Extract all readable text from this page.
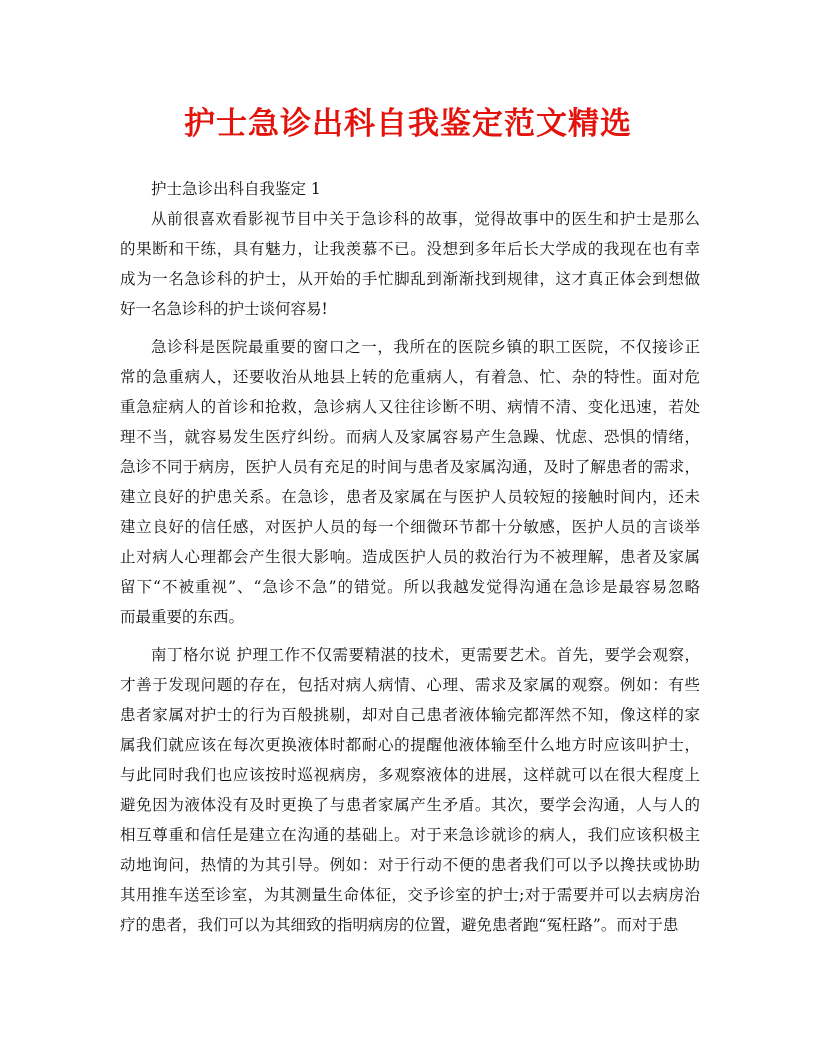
护士急诊出科自我鉴定范文精选
护士急诊出科自我鉴定 1
从前很喜欢看影视节目中关于急诊科的故事，觉得故事中的医生和护士是那么
的果断和干练，具有魅力，让我羡慕不已。没想到多年后长大学成的我现在也有幸
成为一名急诊科的护士，从开始的手忙脚乱到渐渐找到规律，这才真正体会到想做
好一名急诊科的护士谈何容易!
急诊科是医院最重要的窗口之一，我所在的医院乡镇的职工医院，不仅接诊正
常的急重病人，还要收治从地县上转的危重病人，有着急、忙、杂的特性。面对危
重急症病人的首诊和抢救，急诊病人又往往诊断不明、病情不清、变化迅速，若处
理不当，就容易发生医疗纠纷。而病人及家属容易产生急躁、忧虑、恐惧的情绪，
急诊不同于病房，医护人员有充足的时间与患者及家属沟通，及时了解患者的需求，
建立良好的护患关系。在急诊，患者及家属在与医护人员较短的接触时间内，还未
建立良好的信任感，对医护人员的每一个细微环节都十分敏感，医护人员的言谈举
止对病人心理都会产生很大影响。造成医护人员的救治行为不被理解，患者及家属
留下“不被重视”、“急诊不急”的错觉。所以我越发觉得沟通在急诊是最容易忽略
而最重要的东西。
南丁格尔说 护理工作不仅需要精湛的技术，更需要艺术。首先，要学会观察，
才善于发现问题的存在，包括对病人病情、心理、需求及家属的观察。例如：有些
患者家属对护士的行为百般挑剔，却对自己患者液体输完都浑然不知，像这样的家
属我们就应该在每次更换液体时都耐心的提醒他液体输至什么地方时应该叫护士，
与此同时我们也应该按时巡视病房，多观察液体的进展，这样就可以在很大程度上
避免因为液体没有及时更换了与患者家属产生矛盾。其次，要学会沟通，人与人的
相互尊重和信任是建立在沟通的基础上。对于来急诊就诊的病人，我们应该积极主
动地询问，热情的为其引导。例如：对于行动不便的患者我们可以予以搀扶或协助
其用推车送至诊室，为其测量生命体征，交予诊室的护士;对于需要并可以去病房治
疗的患者，我们可以为其细致的指明病房的位置，避免患者跑“冤枉路”。而对于患
